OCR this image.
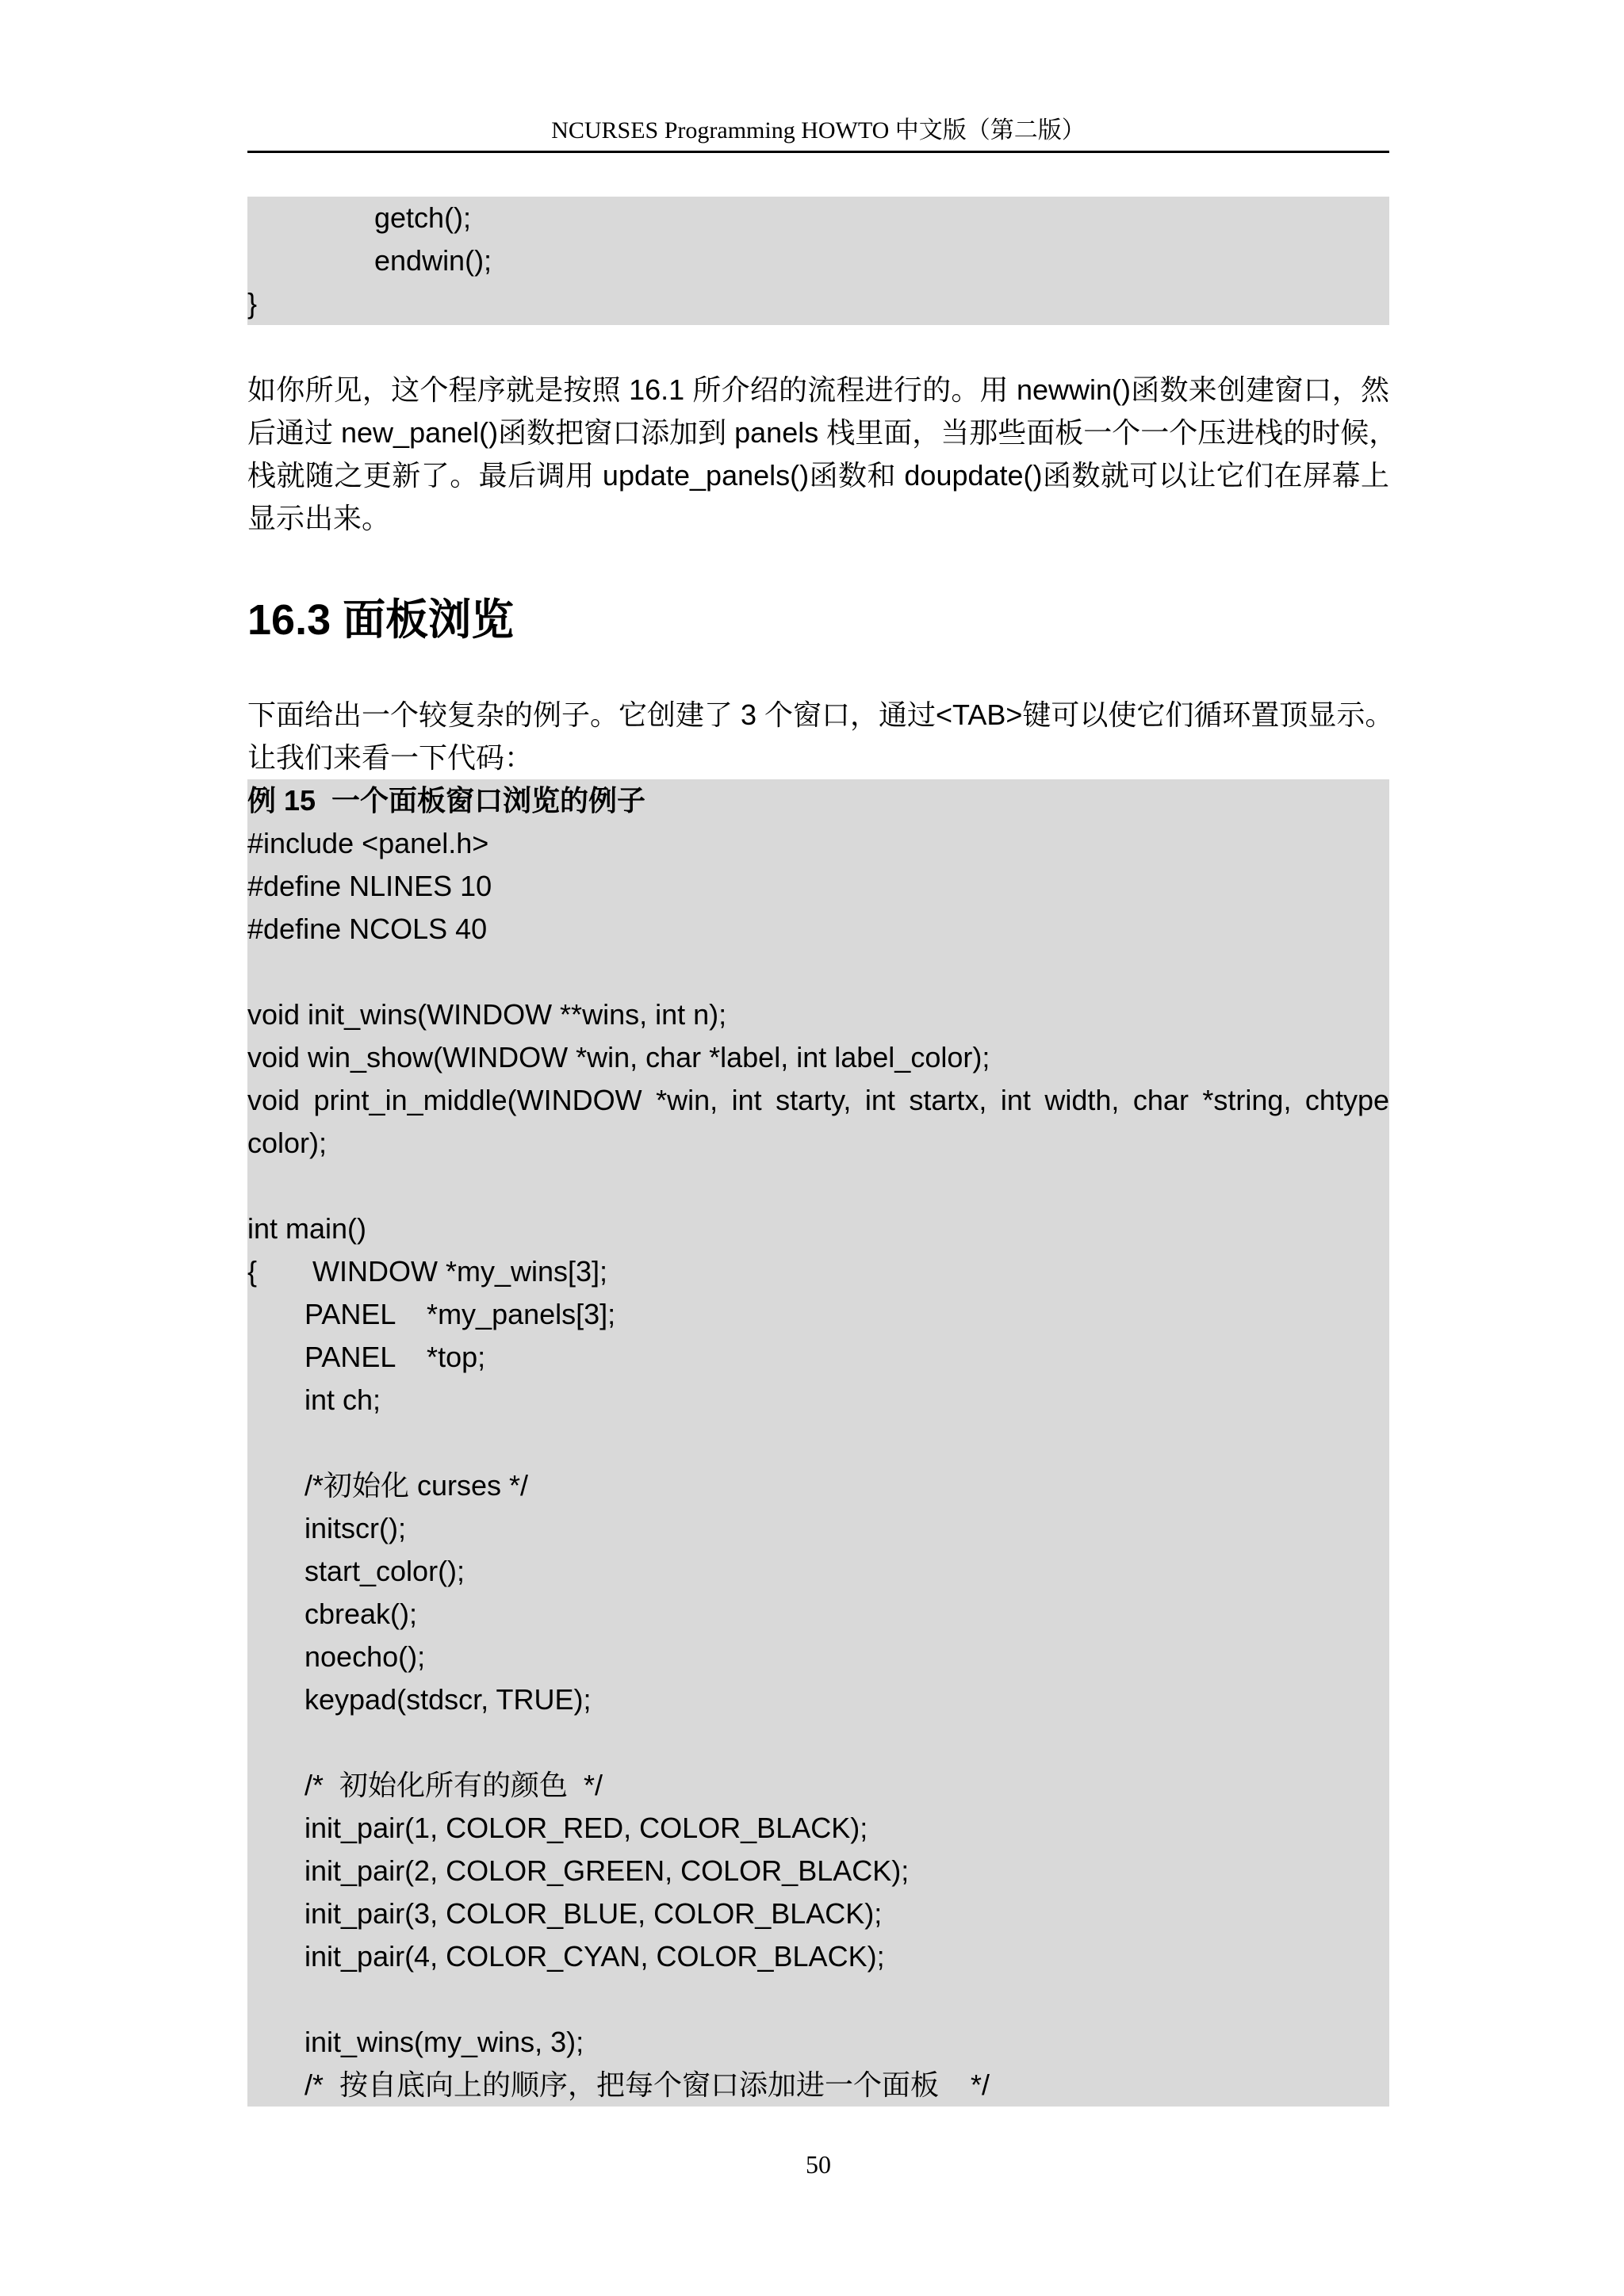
NCURSES Programming HOWTO 中文版（第二版）
getch();
endwin();
}
如你所见，这个程序就是按照 16.1 所介绍的流程进行的。用 newwin()函数来创建窗口，然
后通过 new_panel()函数把窗口添加到 panels 栈里面，当那些面板一个一个压进栈的时候，
栈就随之更新了。最后调用 update_panels()函数和 doupdate()函数就可以让它们在屏幕上
显示出来。
16.3 面板浏览
下面给出一个较复杂的例子。它创建了 3 个窗口，通过<TAB>键可以使它们循环置顶显示。
让我们来看一下代码：
例 15  一个面板窗口浏览的例子
#include <panel.h>
#define NLINES 10
#define NCOLS 40
void init_wins(WINDOW **wins, int n);
void win_show(WINDOW *win, char *label, int label_color);
void print_in_middle(WINDOW *win, int starty, int startx, int width, char *string, chtype
color);
int main()
{       WINDOW *my_wins[3];
PANEL    *my_panels[3];
PANEL    *top;
int ch;
/*初始化 curses */
initscr();
start_color();
cbreak();
noecho();
keypad(stdscr, TRUE);
/*  初始化所有的颜色  */
init_pair(1, COLOR_RED, COLOR_BLACK);
init_pair(2, COLOR_GREEN, COLOR_BLACK);
init_pair(3, COLOR_BLUE, COLOR_BLACK);
init_pair(4, COLOR_CYAN, COLOR_BLACK);
init_wins(my_wins, 3);
/*  按自底向上的顺序，把每个窗口添加进一个面板    */
50
